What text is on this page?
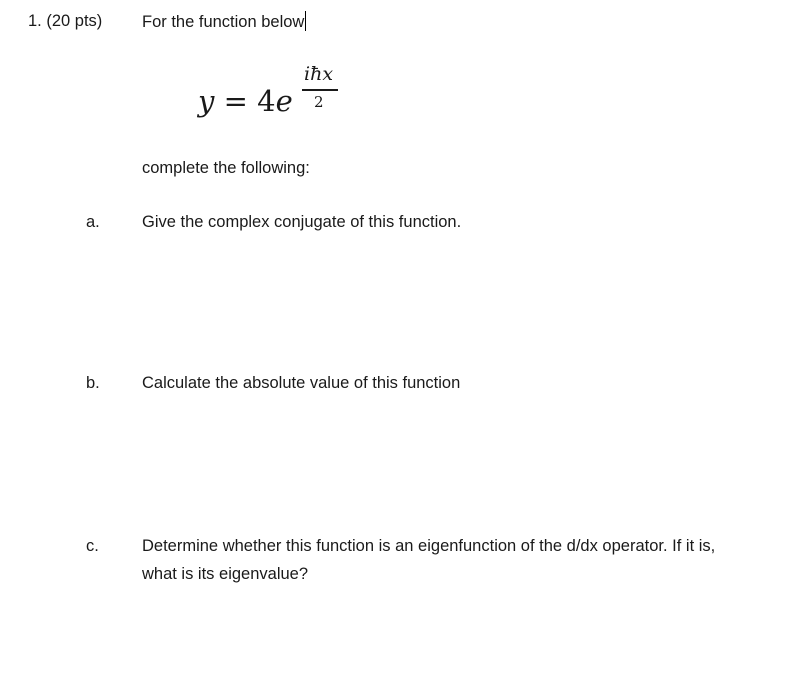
1. (20 pts) For the function below
y = 4e
iħx
2
complete the following:
a.	Give the complex conjugate of this function.
b.	Calculate the absolute value of this function
c.	Determine whether this function is an eigenfunction of the d/dx operator. If it is,
what is its eigenvalue?
